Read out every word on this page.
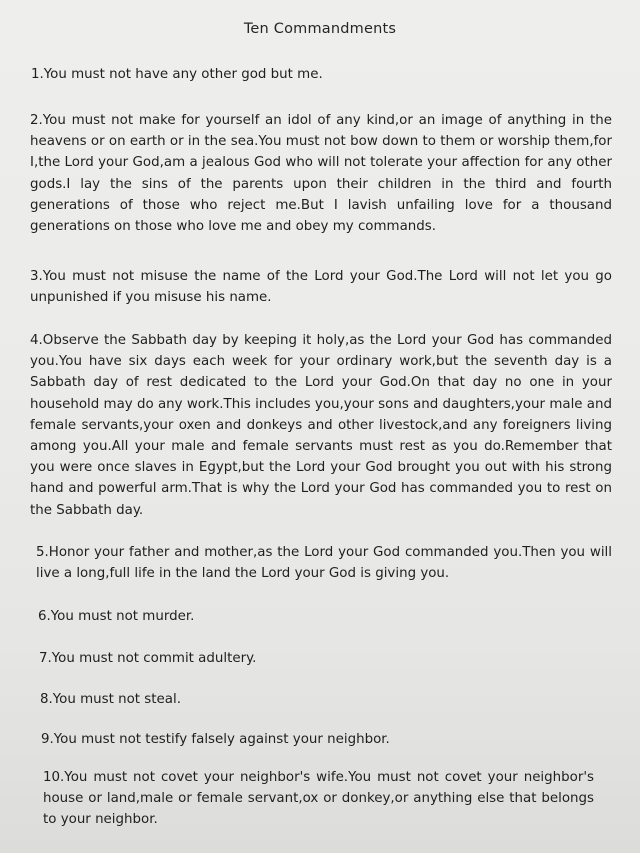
Ten Commandments

1.You must not have any other god but me.

2.You must not make for yourself an idol of any kind,or an image of anything in the heavens or on earth or in the sea.You must not bow down to them or worship them,for I,the Lord your God,am a jealous God who will not tolerate your affection for any other gods.I lay the sins of the parents upon their children in the third and fourth generations of those who reject me.But I lavish unfailing love for a thousand generations on those who love me and obey my commands.

3.You must not misuse the name of the Lord your God.The Lord will not let you go unpunished if you misuse his name.

4.Observe the Sabbath day by keeping it holy,as the Lord your God has commanded you.You have six days each week for your ordinary work,but the seventh day is a Sabbath day of rest dedicated to the Lord your God.On that day no one in your household may do any work.This includes you,your sons and daughters,your male and female servants,your oxen and donkeys and other livestock,and any foreigners living among you.All your male and female servants must rest as you do.Remember that you were once slaves in Egypt,but the Lord your God brought you out with his strong hand and powerful arm.That is why the Lord your God has commanded you to rest on the Sabbath day.

5.Honor your father and mother,as the Lord your God commanded you.Then you will live a long,full life in the land the Lord your God is giving you.

6.You must not murder.

7.You must not commit adultery.

8.You must not steal.

9.You must not testify falsely against your neighbor.

10.You must not covet your neighbor's wife.You must not covet your neighbor's house or land,male or female servant,ox or donkey,or anything else that belongs to your neighbor.
